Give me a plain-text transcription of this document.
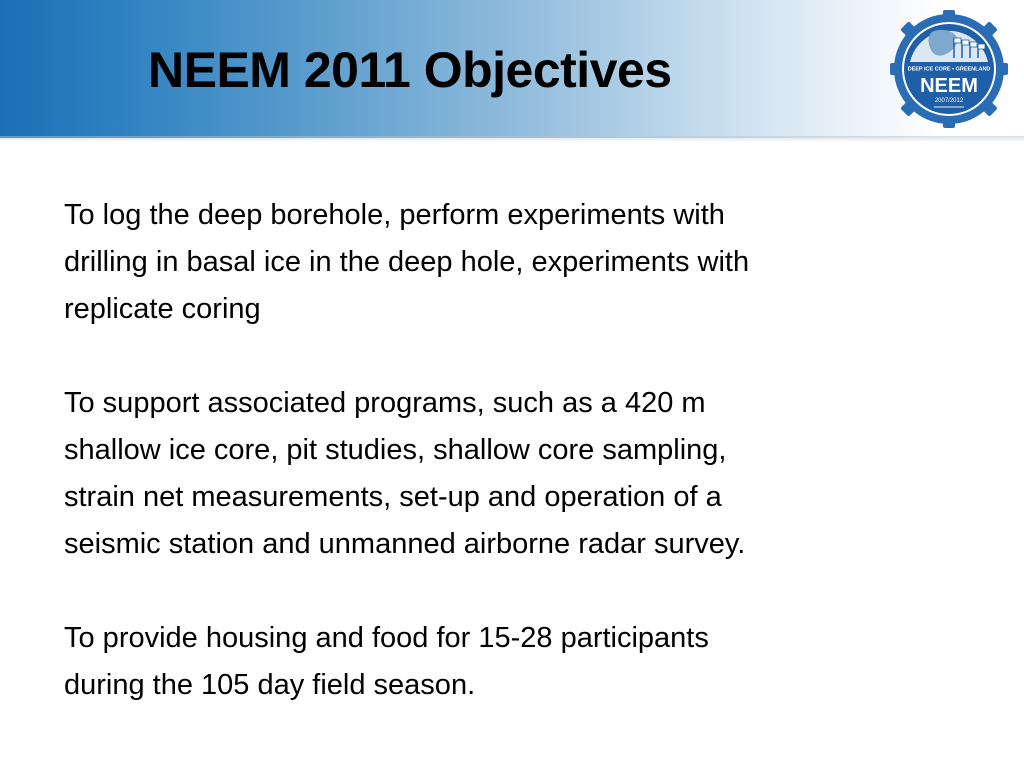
NEEM 2011 Objectives	DEEP ICE CORE • GREENLAND
NEEM
2007/2012

To log the deep borehole, perform experiments with
drilling in basal ice in the deep hole, experiments with
replicate coring

To support associated programs, such as a 420 m
shallow ice core, pit studies, shallow core sampling,
strain net measurements, set-up and operation of a
seismic station and unmanned airborne radar survey.

To provide housing and food for 15-28 participants
during the 105 day field season.
